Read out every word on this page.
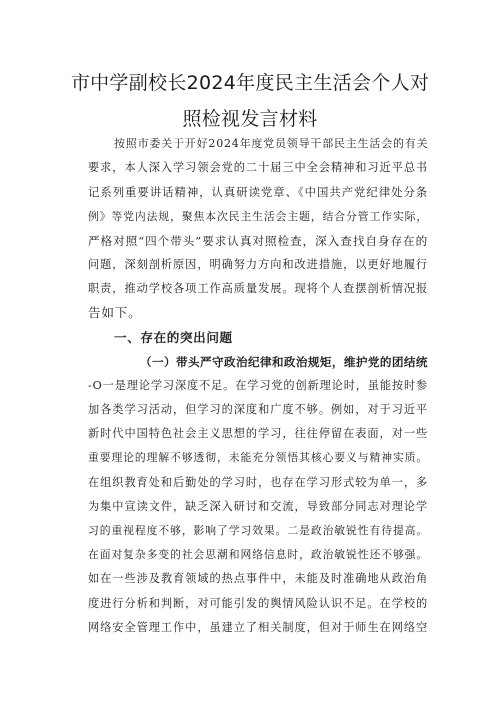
市中学副校长2024年度民主生活会个人对
照检视发言材料
按照市委关于开好2024年度党员领导干部民主生活会的有关
要求，本人深入学习领会党的二十届三中全会精神和习近平总书
记系列重要讲话精神，认真研读党章、《中国共产党纪律处分条
例》等党内法规，聚焦本次民主生活会主题，结合分管工作实际，
严格对照“四个带头”要求认真对照检查，深入查找自身存在的
问题，深刻剖析原因，明确努力方向和改进措施，以更好地履行
职责，推动学校各项工作高质量发展。现将个人查摆剖析情况报
告如下。
一、存在的突出问题
（一）带头严守政治纪律和政治规矩，维护党的团结统
-O一是理论学习深度不足。在学习党的创新理论时，虽能按时参
加各类学习活动，但学习的深度和广度不够。例如，对于习近平
新时代中国特色社会主义思想的学习，往往停留在表面，对一些
重要理论的理解不够透彻，未能充分领悟其核心要义与精神实质。
在组织教育处和后勤处的学习时，也存在学习形式较为单一，多
为集中宣读文件，缺乏深入研讨和交流，导致部分同志对理论学
习的重视程度不够，影响了学习效果。二是政治敏锐性有待提高。
在面对复杂多变的社会思潮和网络信息时，政治敏锐性还不够强。
如在一些涉及教育领域的热点事件中，未能及时准确地从政治角
度进行分析和判断，对可能引发的舆情风险认识不足。在学校的
网络安全管理工作中，虽建立了相关制度，但对于师生在网络空
